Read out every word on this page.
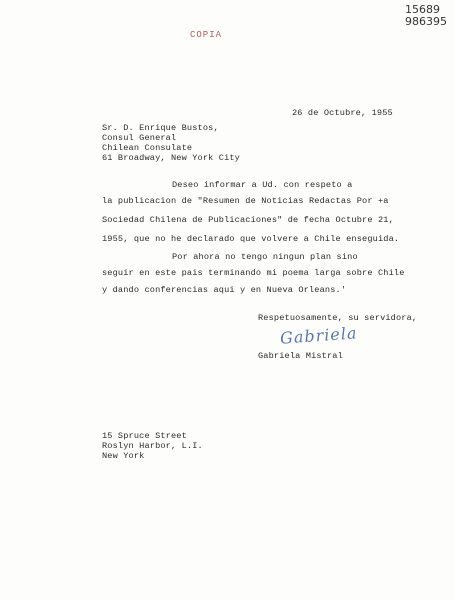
15689
986395
COPIA
26 de Octubre, 1955
Sr. D. Enrique Bustos,
Consul General
Chilean Consulate
61 Broadway, New York City
Deseo informar a Ud. con respeto a
la publicacion de "Resumen de Noticias Redactas Por +a
Sociedad Chilena de Publicaciones" de fecha Octubre 21,
1955, que no he declarado que volvere a Chile enseguida.
Por ahora no tengo ningun plan sino
seguir en este pais terminando mi poema larga sobre Chile
y dando conferencias aqui y en Nueva Orleans.'
Respetuosamente, su servidora,
Gabriela
Gabriela Mistral
15 Spruce Street
Roslyn Harbor, L.I.
New York
